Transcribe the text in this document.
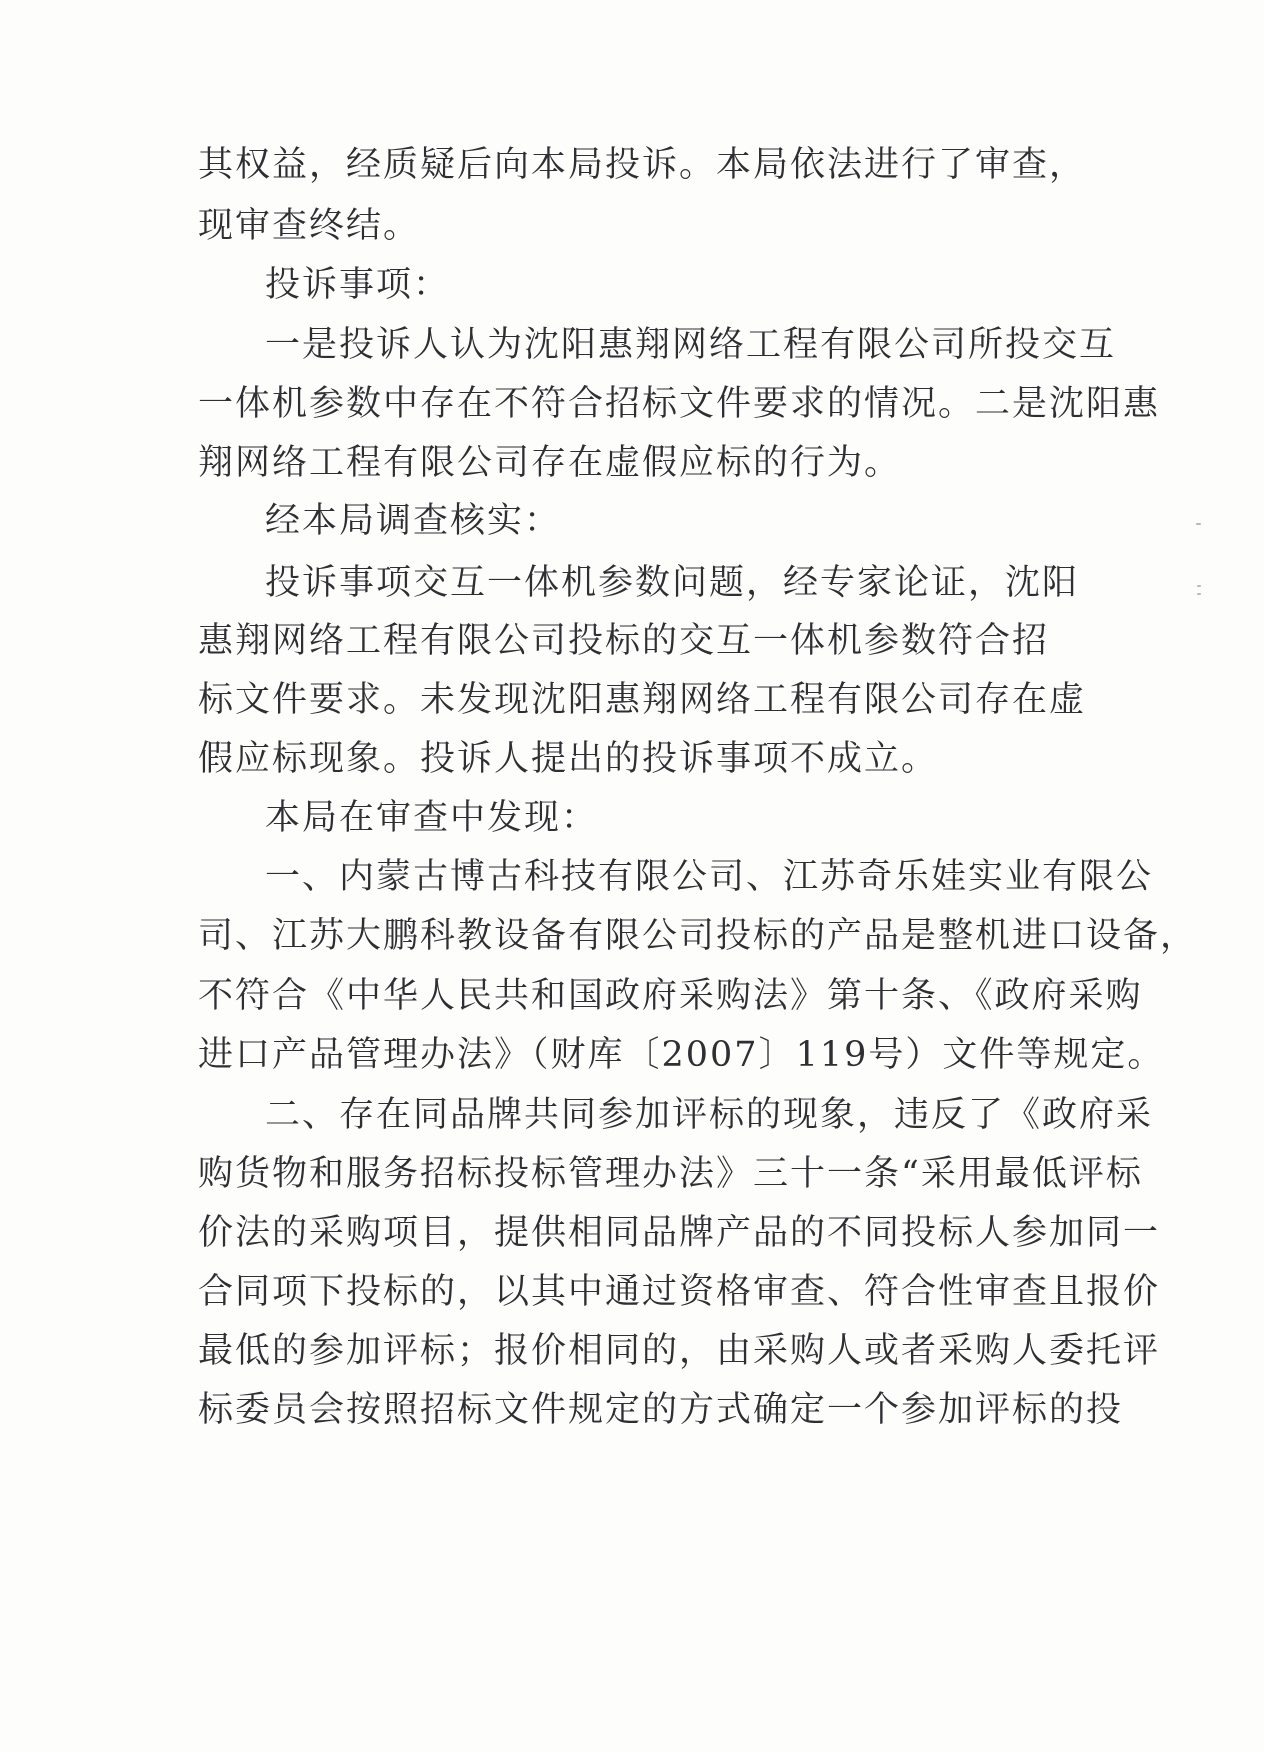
其权益，经质疑后向本局投诉。本局依法进行了审查，
现审查终结。
投诉事项：
一是投诉人认为沈阳惠翔网络工程有限公司所投交互
一体机参数中存在不符合招标文件要求的情况。二是沈阳惠
翔网络工程有限公司存在虚假应标的行为。
经本局调查核实：
投诉事项交互一体机参数问题，经专家论证，沈阳
惠翔网络工程有限公司投标的交互一体机参数符合招
标文件要求。未发现沈阳惠翔网络工程有限公司存在虚
假应标现象。投诉人提出的投诉事项不成立。
本局在审查中发现：
一、内蒙古博古科技有限公司、江苏奇乐娃实业有限公
司、江苏大鹏科教设备有限公司投标的产品是整机进口设备，
不符合《中华人民共和国政府采购法》第十条、《政府采购
进口产品管理办法》（财库〔2007〕119号）文件等规定。
二、存在同品牌共同参加评标的现象，违反了《政府采
购货物和服务招标投标管理办法》三十一条“采用最低评标
价法的采购项目，提供相同品牌产品的不同投标人参加同一
合同项下投标的，以其中通过资格审查、符合性审查且报价
最低的参加评标；报价相同的，由采购人或者采购人委托评
标委员会按照招标文件规定的方式确定一个参加评标的投
